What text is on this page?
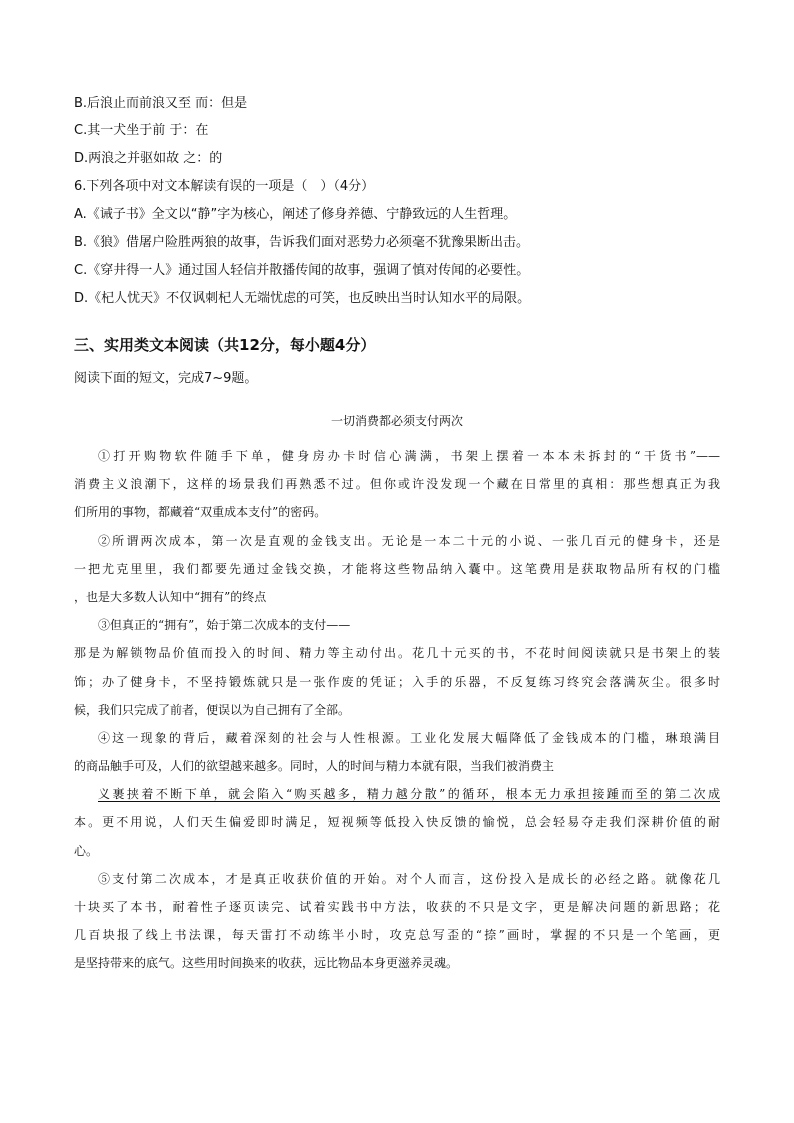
B.后浪止而前浪又至 而：但是
C.其一犬坐于前 于：在
D.两浪之并驱如故 之：的
6.下列各项中对文本解读有误的一项是（　）（4分）
A.《诫子书》全文以“静”字为核心，阐述了修身养德、宁静致远的人生哲理。
B.《狼》借屠户险胜两狼的故事，告诉我们面对恶势力必须毫不犹豫果断出击。
C.《穿井得一人》通过国人轻信并散播传闻的故事，强调了慎对传闻的必要性。
D.《杞人忧天》不仅讽刺杞人无端忧虑的可笑，也反映出当时认知水平的局限。
三、实用类文本阅读（共12分，每小题4分）
阅读下面的短文，完成7~9题。
一切消费都必须支付两次
①打开购物软件随手下单，健身房办卡时信心满满，书架上摆着一本本未拆封的“干货书”——
消费主义浪潮下，这样的场景我们再熟悉不过。但你或许没发现一个藏在日常里的真相：那些想真正为我
们所用的事物，都藏着“双重成本支付”的密码。
②所谓两次成本，第一次是直观的金钱支出。无论是一本二十元的小说、一张几百元的健身卡，还是
一把尤克里里，我们都要先通过金钱交换，才能将这些物品纳入囊中。这笔费用是获取物品所有权的门槛
，也是大多数人认知中“拥有”的终点
③但真正的“拥有”，始于第二次成本的支付——
那是为解锁物品价值而投入的时间、精力等主动付出。花几十元买的书，不花时间阅读就只是书架上的装
饰；办了健身卡，不坚持锻炼就只是一张作废的凭证；入手的乐器，不反复练习终究会落满灰尘。很多时
候，我们只完成了前者，便误以为自己拥有了全部。
④这一现象的背后，藏着深刻的社会与人性根源。工业化发展大幅降低了金钱成本的门槛，琳琅满目
的商品触手可及，人们的欲望越来越多。同时，人的时间与精力本就有限，当我们被消费主
义裹挟着不断下单，就会陷入“购买越多，精力越分散”的循环，根本无力承担接踵而至的第二次成
本。更不用说，人们天生偏爱即时满足，短视频等低投入快反馈的愉悦，总会轻易夺走我们深耕价值的耐
心。
⑤支付第二次成本，才是真正收获价值的开始。对个人而言，这份投入是成长的必经之路。就像花几
十块买了本书，耐着性子逐页读完、试着实践书中方法，收获的不只是文字，更是解决问题的新思路；花
几百块报了线上书法课，每天雷打不动练半小时，攻克总写歪的“捺”画时，掌握的不只是一个笔画，更
是坚持带来的底气。这些用时间换来的收获，远比物品本身更滋养灵魂。
